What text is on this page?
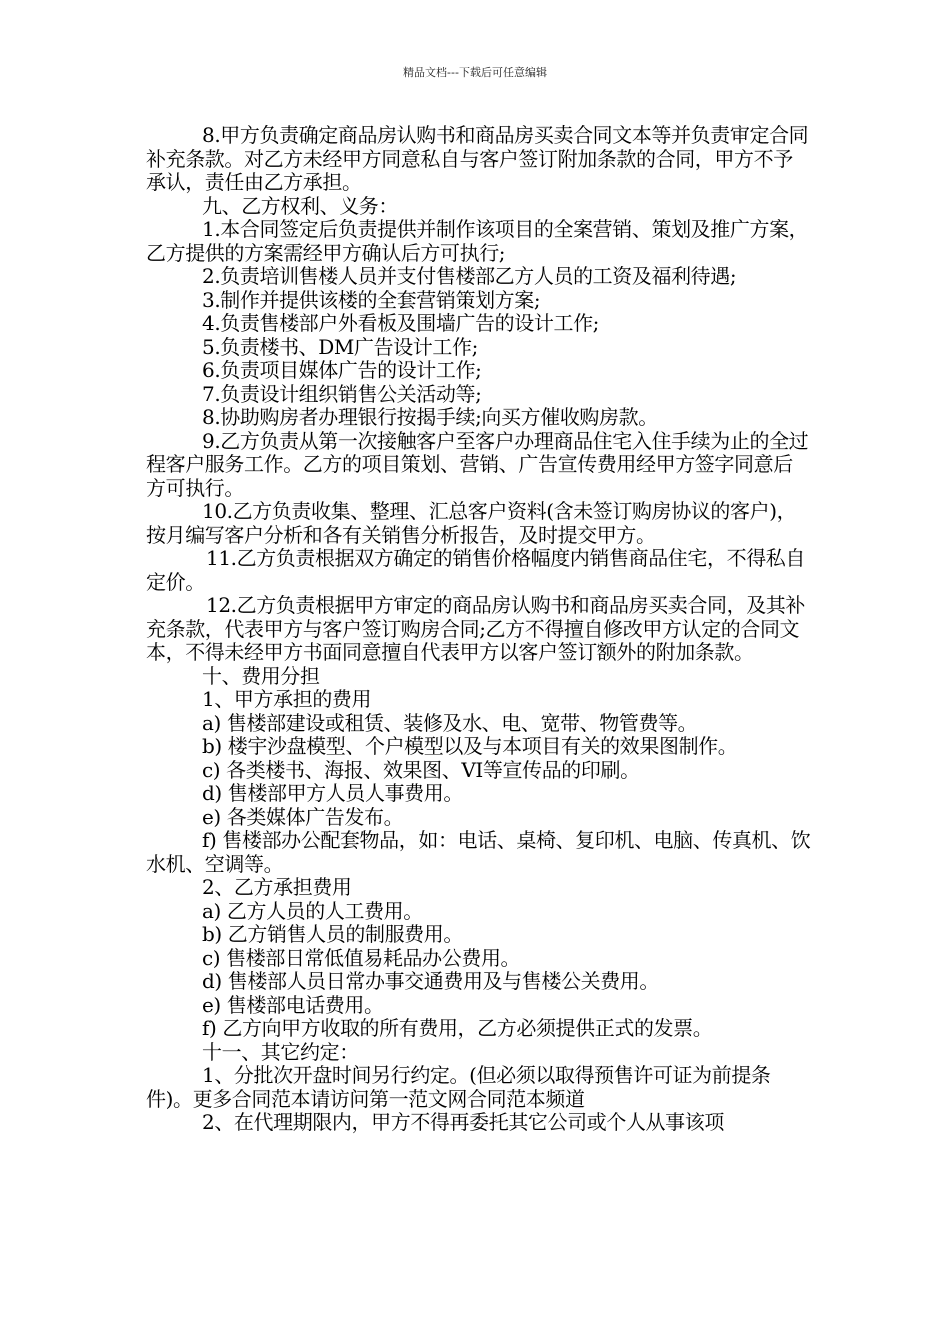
精品文档---下载后可任意编辑

8.甲方负责确定商品房认购书和商品房买卖合同文本等并负责审定合同补充条款。对乙方未经甲方同意私自与客户签订附加条款的合同，甲方不予承认，责任由乙方承担。

九、乙方权利、义务：

1.本合同签定后负责提供并制作该项目的全案营销、策划及推广方案，乙方提供的方案需经甲方确认后方可执行;

2.负责培训售楼人员并支付售楼部乙方人员的工资及福利待遇;

3.制作并提供该楼的全套营销策划方案;

4.负责售楼部户外看板及围墙广告的设计工作;

5.负责楼书、DM广告设计工作;

6.负责项目媒体广告的设计工作;

7.负责设计组织销售公关活动等;

8.协助购房者办理银行按揭手续;向买方催收购房款。

9.乙方负责从第一次接触客户至客户办理商品住宅入住手续为止的全过程客户服务工作。乙方的项目策划、营销、广告宣传费用经甲方签字同意后方可执行。

10.乙方负责收集、整理、汇总客户资料(含未签订购房协议的客户)，按月编写客户分析和各有关销售分析报告，及时提交甲方。

11.乙方负责根据双方确定的销售价格幅度内销售商品住宅，不得私自定价。

12.乙方负责根据甲方审定的商品房认购书和商品房买卖合同，及其补充条款，代表甲方与客户签订购房合同;乙方不得擅自修改甲方认定的合同文本，不得未经甲方书面同意擅自代表甲方以客户签订额外的附加条款。

十、费用分担

1、甲方承担的费用

a) 售楼部建设或租赁、装修及水、电、宽带、物管费等。

b) 楼宇沙盘模型、个户模型以及与本项目有关的效果图制作。

c) 各类楼书、海报、效果图、VI等宣传品的印刷。

d) 售楼部甲方人员人事费用。

e) 各类媒体广告发布。

f) 售楼部办公配套物品，如：电话、桌椅、复印机、电脑、传真机、饮水机、空调等。

2、乙方承担费用

a) 乙方人员的人工费用。

b) 乙方销售人员的制服费用。

c) 售楼部日常低值易耗品办公费用。

d) 售楼部人员日常办事交通费用及与售楼公关费用。

e) 售楼部电话费用。

f) 乙方向甲方收取的所有费用，乙方必须提供正式的发票。

十一、其它约定：

1、分批次开盘时间另行约定。(但必须以取得预售许可证为前提条件)。更多合同范本请访问第一范文网合同范本频道

2、在代理期限内，甲方不得再委托其它公司或个人从事该项
